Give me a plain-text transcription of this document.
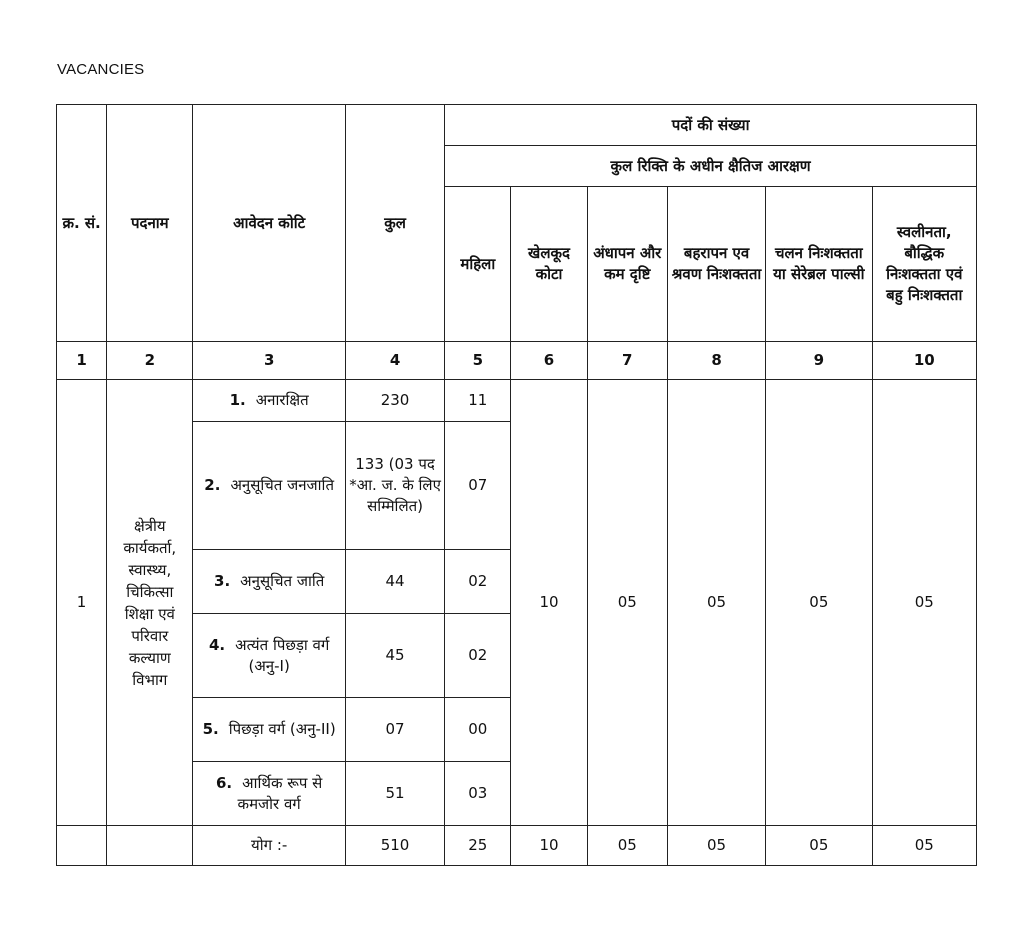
VACANCIES
क्र. सं.	पदनाम	आवेदन कोटि	कुल	पदों की संख्या					
				कुल रिक्ति के अधीन क्षैतिज आरक्षण					
				महिला	खेलकूद कोटा	अंधापन और कम दृष्टि	बहरापन एव श्रवण निःशक्तता	चलन निःशक्तता या सेरेब्रल पाल्सी	स्वलीनता, बौद्धिक निःशक्तता एवं बहु निःशक्तता
1	2	3	4	5	6	7	8	9	10
1	क्षेत्रीय कार्यकर्ता, स्वास्थ्य, चिकित्सा शिक्षा एवं परिवार कल्याण विभाग	1. अनारक्षित	230	11	10	05	05	05	05
		2. अनुसूचित जनजाति	133 (03 पद *आ. ज. के लिए सम्मिलित)	07					
		3. अनुसूचित जाति	44	02					
		4. अत्यंत पिछड़ा वर्ग (अनु-I)	45	02					
		5. पिछड़ा वर्ग (अनु-II)	07	00					
		6. आर्थिक रूप से कमजोर वर्ग	51	03					
		योग :-	510	25	10	05	05	05	05
